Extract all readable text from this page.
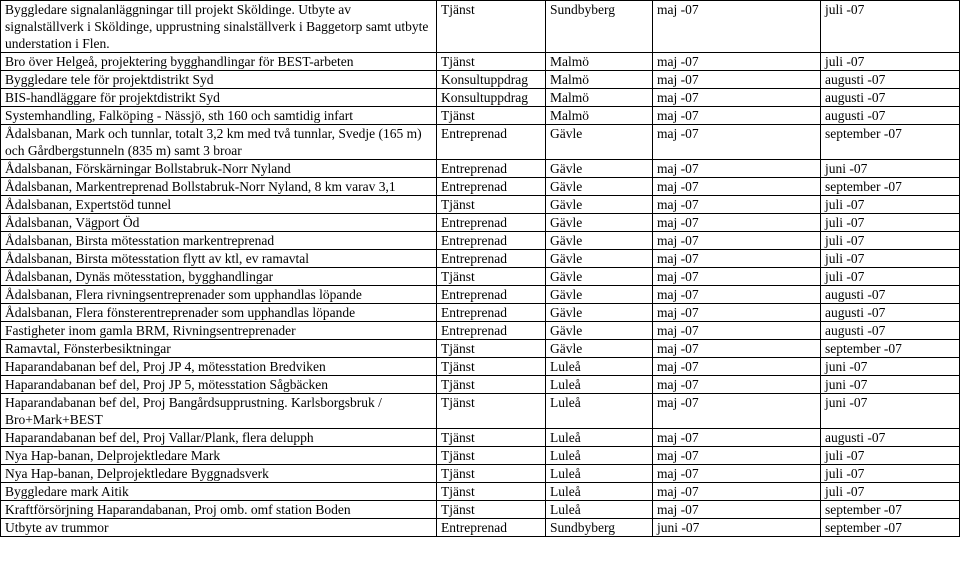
Byggledare signalanläggningar till projekt Sköldinge. Utbyte av signalställverk i Sköldinge, upprustning sinalställverk i Baggetorp samt utbyte understation i Flen.	Tjänst	Sundbyberg	maj -07	juli -07
Bro över Helgeå, projektering bygghandlingar för BEST-arbeten	Tjänst	Malmö	maj -07	juli -07
Byggledare tele för projektdistrikt Syd	Konsultuppdrag	Malmö	maj -07	augusti -07
BIS-handläggare för projektdistrikt Syd	Konsultuppdrag	Malmö	maj -07	augusti -07
Systemhandling, Falköping - Nässjö, sth 160 och samtidig infart	Tjänst	Malmö	maj -07	augusti -07
Ådalsbanan, Mark och tunnlar, totalt 3,2 km med två tunnlar, Svedje (165 m) och Gårdbergstunneln (835 m) samt 3 broar	Entreprenad	Gävle	maj -07	september -07
Ådalsbanan, Förskärningar Bollstabruk-Norr Nyland	Entreprenad	Gävle	maj -07	juni -07
Ådalsbanan, Markentreprenad Bollstabruk-Norr Nyland, 8 km varav 3,1	Entreprenad	Gävle	maj -07	september -07
Ådalsbanan, Expertstöd tunnel	Tjänst	Gävle	maj -07	juli -07
Ådalsbanan, Vägport Öd	Entreprenad	Gävle	maj -07	juli -07
Ådalsbanan, Birsta mötesstation markentreprenad	Entreprenad	Gävle	maj -07	juli -07
Ådalsbanan, Birsta mötesstation flytt av ktl, ev ramavtal	Entreprenad	Gävle	maj -07	juli -07
Ådalsbanan, Dynäs mötesstation, bygghandlingar	Tjänst	Gävle	maj -07	juli -07
Ådalsbanan, Flera rivningsentreprenader som upphandlas löpande	Entreprenad	Gävle	maj -07	augusti -07
Ådalsbanan, Flera fönsterentreprenader som upphandlas löpande	Entreprenad	Gävle	maj -07	augusti -07
Fastigheter inom gamla BRM, Rivningsentreprenader	Entreprenad	Gävle	maj -07	augusti -07
Ramavtal, Fönsterbesiktningar	Tjänst	Gävle	maj -07	september -07
Haparandabanan bef del, Proj JP 4, mötesstation Bredviken	Tjänst	Luleå	maj -07	juni -07
Haparandabanan bef del, Proj JP 5, mötesstation Sågbäcken	Tjänst	Luleå	maj -07	juni -07
Haparandabanan bef del, Proj Bangårdsupprustning. Karlsborgsbruk / Bro+Mark+BEST	Tjänst	Luleå	maj -07	juni -07
Haparandabanan bef del, Proj Vallar/Plank, flera delupph	Tjänst	Luleå	maj -07	augusti -07
Nya Hap-banan, Delprojektledare Mark	Tjänst	Luleå	maj -07	juli -07
Nya Hap-banan, Delprojektledare Byggnadsverk	Tjänst	Luleå	maj -07	juli -07
Byggledare mark Aitik	Tjänst	Luleå	maj -07	juli -07
Kraftförsörjning Haparandabanan, Proj omb. omf station Boden	Tjänst	Luleå	maj -07	september -07
Utbyte av trummor	Entreprenad	Sundbyberg	juni -07	september -07
